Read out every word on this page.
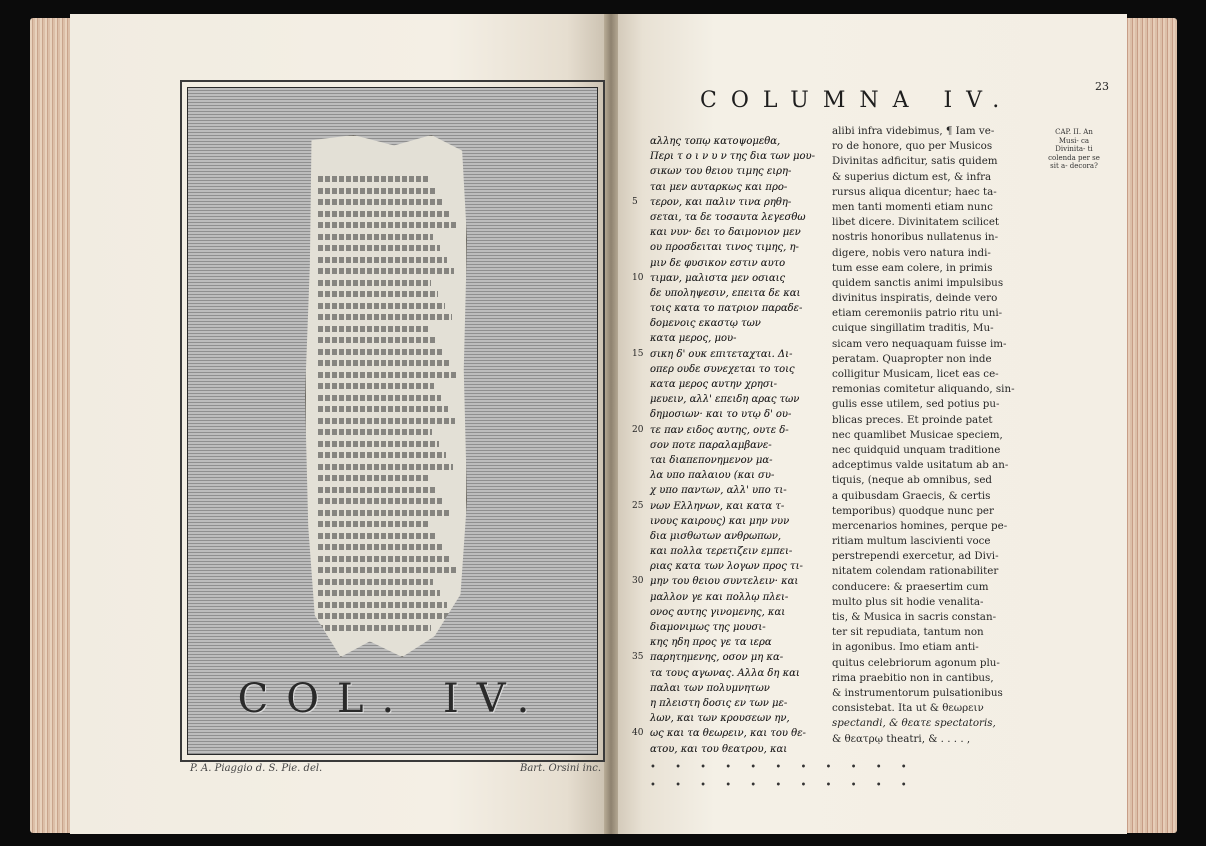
COL. IV.
P. A. Piaggio d. S. Pie. del.	Bart. Orsini inc.
23
COLUMNA IV.
αλλης τοπῳ κατοψομεθα,
Περι τ ο ι ν υ ν της δια των μου-
σικων του θειου τιμης ειρη-
ται μεν αυταρκως και προ-
5 τερον, και παλιν τινα ρηθη-
σεται, τα δε τοσαυτα λεγεσθω
και νυν· δει το δαιμονιον μεν
ου προσδειται τινος τιμης, η-
μιν δε φυσικον εστιν αυτο
10 τιμαν, μαλιστα μεν οσιαις
δε υποληψεσιν, επειτα δε και
τοις κατα το πατριον παραδε-
δομενοις εκαστῳ των
κατα μερος, μου-
15 σικη δ' ουκ επιτεταχται. Δι-
οπερ ουδε συνεχεται το τοις
κατα μερος αυτην χρησι-
μευειν, αλλ' επειδη αρας των
δημοσιων· και το υτῳ δ' ου-
20 τε παν ειδος αυτης, ουτε δ-
σον ποτε παραλαμβανε-
ται διαπεπονημενον μα-
λα υπο παλαιου (και συ-
χ υπο παντων, αλλ' υπο τι-
25 νων Ελληνων, και κατα τ-
ινους καιρους) και μην νυν
δια μισθωτων ανθρωπων,
και πολλα τερετιζειν εμπει-
ριας κατα των λογων προς τι-
30 μην του θειου συντελειν· και
μαλλον γε και πολλῳ πλει-
ονος αυτης γινομενης, και
διαμονιμως της μουσι-
κης ηδη προς γε τα ιερα
35 παρητημενης, οσον μη κα-
τα τους αγωνας. Αλλα δη και
παλαι των πολυμνητων
η πλειστη δοσις εν των με-
λων, και των κρουσεων ην,
40 ως και τα θεωρειν, και του θε-
ατου, και του θεατρου, και
alibi infra videbimus, ¶ Iam ve-
ro de honore, quo per Musicos
Divinitas adficitur, satis quidem
& superius dictum est, & infra
rursus aliqua dicentur; haec ta-
men tanti momenti etiam nunc
libet dicere. Divinitatem scilicet
nostris honoribus nullatenus in-
digere, nobis vero natura indi-
tum esse eam colere, in primis
quidem sanctis animi impulsibus
divinitus inspiratis, deinde vero
etiam ceremoniis patrio ritu uni-
cuique singillatim traditis, Mu-
sicam vero nequaquam fuisse im-
peratam. Quapropter non inde
colligitur Musicam, licet eas ce-
remonias comitetur aliquando, sin-
gulis esse utilem, sed potius pu-
blicas preces. Et proinde patet
nec quamlibet Musicae speciem,
nec quidquid unquam traditione
adceptimus valde usitatum ab an-
tiquis, (neque ab omnibus, sed
a quibusdam Graecis, & certis
temporibus) quodque nunc per
mercenarios homines, perque pe-
ritiam multum lascivienti voce
perstrependi exercetur, ad Divi-
nitatem colendam rationabiliter
conducere: & praesertim cum
multo plus sit hodie venalita-
tis, & Musica in sacris constan-
ter sit repudiata, tantum non
in agonibus. Imo etiam anti-
quitus celebriorum agonum plu-
rima praebitio non in cantibus,
& instrumentorum pulsationibus
consistebat. Ita ut & θεωρειν
spectandi, & θεατε spectatoris,
& θεατρῳ theatri, & . . . . ,
CAP. II. An Musi- ca Divinita- ti colenda per se sit a- decora?
• • • • • • • • • • •
• • • • • • • • • • •
